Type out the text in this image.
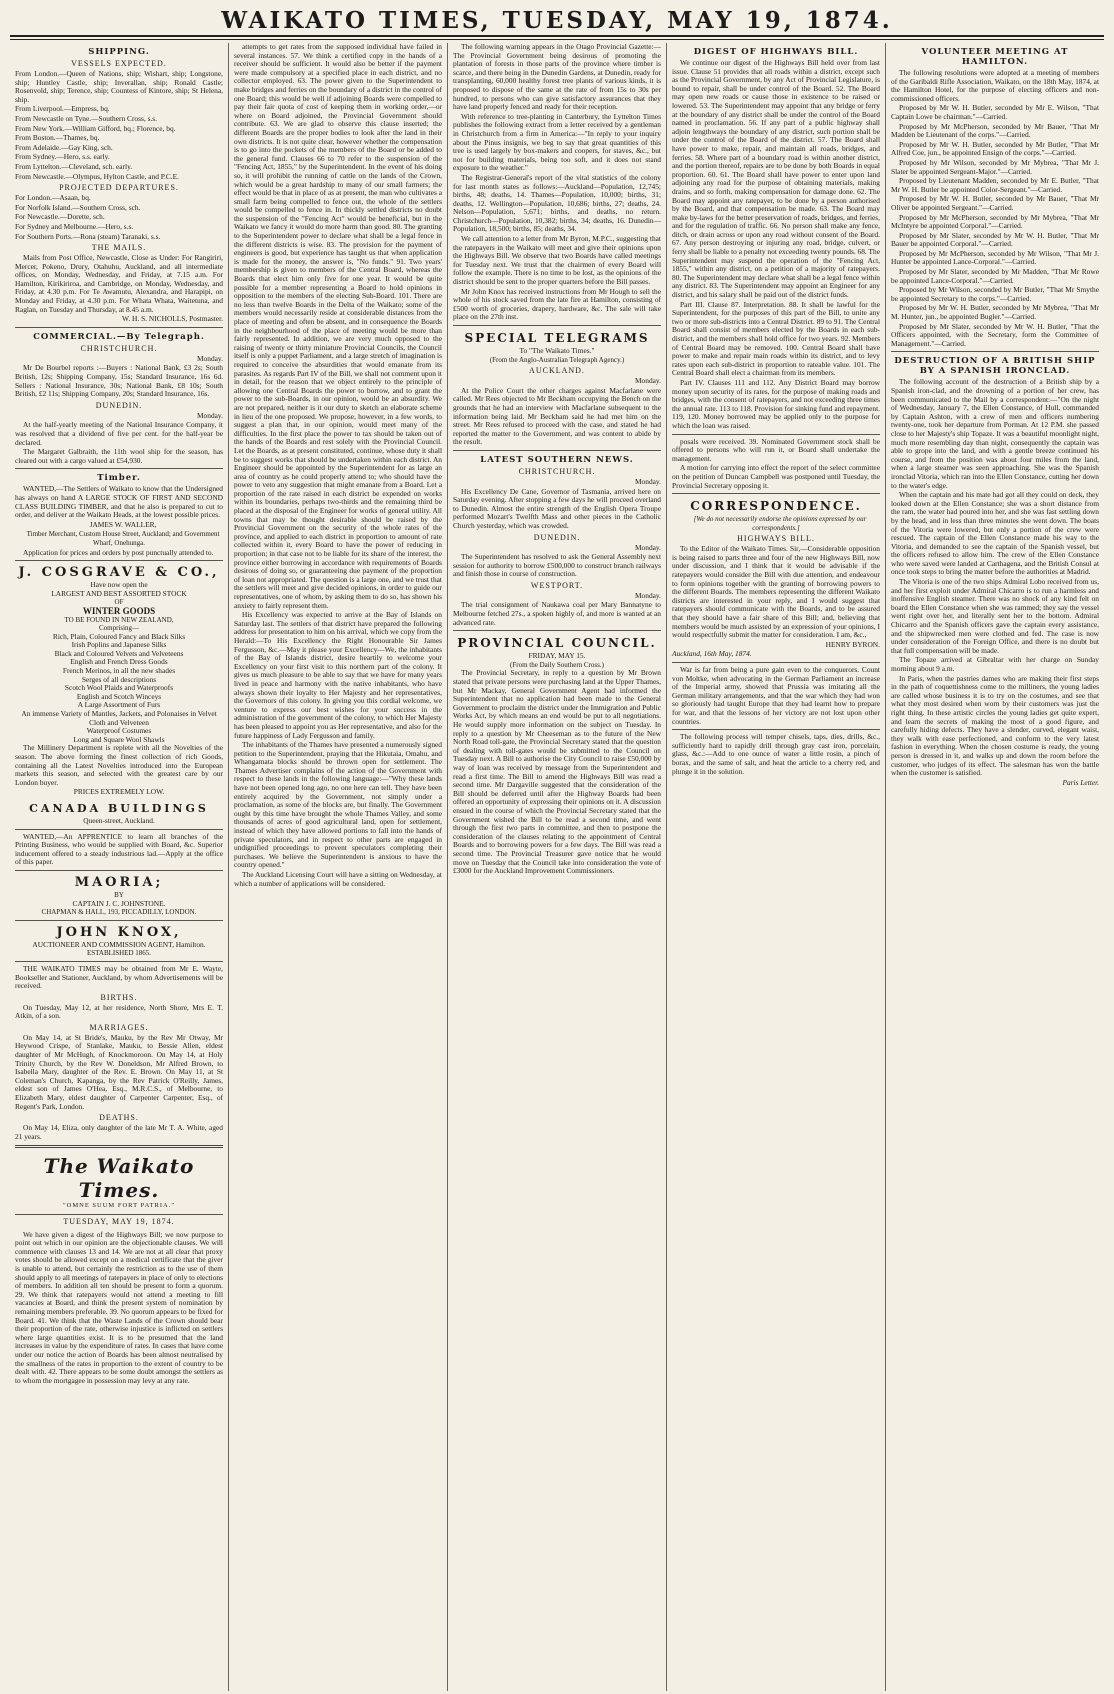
WAIKATO TIMES, TUESDAY, MAY 19, 1874.
SHIPPING.
VESSELS EXPECTED.

From London.—Queen of Nations, ship; Wishart, ship; Longstone, ship; Huntley Castle, ship; Inverallan, ship; Ronald Castle; Rosenvold, ship; Terence, ship; Countess of Kintore, ship; St Helena, ship.

From Liverpool.—Empress, bq.

From Newcastle on Tyne.—Southern Cross, s.s.

From New York.—William Gifford, bq.; Florence, bq.

From Boston.—Thames, bq.

From Adelaide.—Gay King, sch.

From Sydney.—Hero, s.s. early.

From Lyttelton.—Cleveland, sch. early.

From Newcastle.—Olympus, Hylton Castle, and P.C.E.

PROJECTED DEPARTURES.

For London.—Asaan, bq.

For Norfolk Island.—Southern Cross, sch.

For Newcastle.—Dorette, sch.

For Sydney and Melbourne.—Hero, s.s.

For Southern Ports.—Rona (steam) Taranaki, s.s.

THE MAILS.

Mails from Post Office, Newcastle, Close as Under: For Rangiriri, Mercer, Pokeno, Drury, Otahuhu, Auckland, and all intermediate offices, on Monday, Wednesday, and Friday, at 7.15 a.m. For Hamilton, Kirikiriroa, and Cambridge, on Monday, Wednesday, and Friday, at 4.30 p.m. For Te Awamutu, Alexandra, and Harapipi, on Monday and Friday, at 4.30 p.m. For Whata Whata, Waitetuna, and Raglan, on Tuesday and Thursday, at 8.45 a.m.

W. H. S. NICHOLLS, Postmaster.

COMMERCIAL.—By Telegraph.
CHRISTCHURCH.

Monday.

Mr De Bourbel reports :—Buyers : National Bank, £3 2s; South British, 12s; Shipping Company, 15s; Standard Insurance, 16s 6d. Sellers : National Insurance, 30s; National Bank, £8 10s; South British, £2 11s; Shipping Company, 20s; Standard Insurance, 16s.

DUNEDIN.

Monday.

At the half-yearly meeting of the National Insurance Company, it was resolved that a dividend of five per cent. for the half-year be declared.

The Margaret Galbraith, the 11th wool ship for the season, has cleared out with a cargo valued at £54,930.

Timber.

WANTED,—The Settlers of Waikato to know that the Undersigned has always on hand A LARGE STOCK OF FIRST AND SECOND CLASS BUILDING TIMBER, and that he also is prepared to cut to order, and deliver at the Waikato Heads, at the lowest possible prices.

JAMES W. WALLER,

Timber Merchant, Custom House Street, Auckland; and Government Wharf, Onehunga.

Application for prices and orders by post punctually attended to.

J. COSGRAVE & CO.,
Have now open the
LARGEST AND BEST ASSORTED STOCK
OF
WINTER GOODS
TO BE FOUND IN NEW ZEALAND,
Comprising—
Rich, Plain, Coloured Fancy and Black Silks
Irish Poplins and Japanese Silks
Black and Coloured Velvets and Velveteens
English and French Dress Goods
French Merinos, in all the new shades
Serges of all descriptions
Scotch Wool Plaids and Waterproofs
English and Scotch Winceys
A Large Assortment of Furs
An immense Variety of Mantles, Jackets, and Polonaises in Velvet Cloth and Velveteen
Waterproof Costumes
Long and Square Wool Shawls

The Millinery Department is replete with all the Novelties of the season. The above forming the finest collection of rich Goods, containing all the Latest Novelties introduced into the European markets this season, and selected with the greatest care by our London buyer.

PRICES EXTREMELY LOW.
CANADA BUILDINGS
Queen-street, Auckland.

WANTED,—An APPRENTICE to learn all branches of the Printing Business, who would be supplied with Board, &c. Superior inducement offered to a steady industrious lad.—Apply at the office of this paper.

MAORIA;
BY
CAPTAIN J. C. JOHNSTONE.
CHAPMAN & HALL, 193, PICCADILLY, LONDON.
JOHN KNOX,
AUCTIONEER AND COMMISSION AGENT, Hamilton.
ESTABLISHED 1865.

THE WAIKATO TIMES may be obtained from Mr E. Wayte, Bookseller and Stationer, Auckland, by whom Advertisements will be received.

BIRTHS.

On Tuesday, May 12, at her residence, North Shore, Mrs E. T. Atkin, of a son.

MARRIAGES.

On May 14, at St Bride's, Mauku, by the Rev Mr Otway, Mr Heywood Crispe, of Stanlake, Mauku, to Bessie Allen, eldest daughter of Mr McHugh, of Knockmoroon. On May 14, at Holy Trinity Church, by the Rev W. Doneldson, Mr Alfred Brown, to Isabella Mary, daughter of the Rev. E. Brown. On May 11, at St Coleman's Church, Kapanga, by the Rev Patrick O'Reilly, James, eldest son of James O'Hea, Esq., M.R.C.S., of Melbourne, to Elizabeth Mary, eldest daughter of Carpenter Carpenter, Esq., of Regent's Park, London.

DEATHS.

On May 14, Eliza, only daughter of the late Mr T. A. White, aged 21 years.

The Waikato Times.
"OMNE SUUM FORT PATRIA."
TUESDAY, MAY 19, 1874.

We have given a digest of the Highways Bill; we now purpose to point out which in our opinion are the objectionable clauses. We will commence with clauses 13 and 14. We are not at all clear that proxy votes should be allowed except on a medical certificate that the giver is unable to attend, but certainly the restriction as to the use of them should apply to all meetings of ratepayers in place of only to elections of members. In addition all ten should be present to form a quorum. 29. We think that ratepayers would not attend a meeting to fill vacancies at Board, and think the present system of nomination by remaining members preferable. 39. No quorum appears to be fixed for Board. 41. We think that the Waste Lands of the Crown should bear their proportion of the rate, otherwise injustice is inflicted on settlers where large quantities exist. It is to be presumed that the land increases in value by the expenditure of rates. In cases that have come under our notice the action of Boards has been almost neutralised by the smallness of the rates in proportion to the extent of country to be dealt with. 42. There appears to be some doubt amongst the settlers as to whom the mortgagee in possession may levy at any rate.

attempts to get rates from the supposed individual have failed in several instances. 57. We think a certified copy in the hands of a receiver should be sufficient. It would also be better if the payment were made compulsory at a specified place in each district, and no collector employed. 63. The power given to the Superintendent to make bridges and ferries on the boundary of a district in the control of one Board; this would be well if adjoining Boards were compelled to pay their fair quota of cost of keeping them in working order,—or where on Board adjoined, the Provincial Government should contribute. 63. We are glad to observe this clause inserted; the different Boards are the proper bodies to look after the land in their own districts. It is not quite clear, however whether the compensation is to go into the pockets of the members of the Board or be added to the general fund. Clauses 66 to 70 refer to the suspension of the "Fencing Act, 1855," by the Superintendent. In the event of his doing so, it will prohibit the running of cattle on the lands of the Crown, which would be a great hardship to many of our small farmers; the effect would be that in place of as at present, the man who cultivates a small farm being compelled to fence out, the whole of the settlers would be compelled to fence in. In thickly settled districts no doubt the suspension of the "Fencing Act" would be beneficial, but in the Waikato we fancy it would do more harm than good. 80. The granting to the Superintendent power to declare what shall be a legal fence in the different districts is wise. 83. The provision for the payment of engineers is good, but experience has taught us that when application is made for the money, the answer is, "No funds." 91. Two years' membership is given to members of the Central Board, whereas the Boards that elect him only five for one year. It would be quite possible for a member representing a Board to hold opinions in opposition to the members of the electing Sub-Board. 101. There are no less than twelve Boards in the Delta of the Waikato; some of the members would necessarily reside at considerable distances from the place of meeting and often be absent, and in consequence the Boards in the neighbourhood of the place of meeting would be more than fairly represented. In addition, we are very much opposed to the raising of twenty or thirty miniature Provincial Councils, the Council itself is only a puppet Parliament, and a large stretch of imagination is required to conceive the absurdities that would emanate from its parasites. As regards Part IV of the Bill, we shall not comment upon it in detail, for the reason that we object entirely to the principle of allowing one Central Boards the power to borrow, and to grant the power to the sub-Boards, in our opinion, would be an absurdity. We are not prepared, neither is it our duty to sketch an elaborate scheme in lieu of the one proposed. We propose, however, in a few words, to suggest a plan that, in our opinion, would meet many of the difficulties. In the first place the power to tax should be taken out of the hands of the Boards and rest solely with the Provincial Council. Let the Boards, as at present constituted, continue, whose duty it shall be to suggest works that should be undertaken within each district. An Engineer should be appointed by the Superintendent for as large an area of country as he could properly attend to; who should have the power to veto any suggestion that might emanate from a Board. Let a proportion of the rate raised in each district be expended on works within its boundaries, perhaps two-thirds and the remaining third be placed at the disposal of the Engineer for works of general utility. All towns that may be thought desirable should be raised by the Provincial Government on the security of the whole rates of the province, and applied to each district in proportion to amount of rate collected within it, every Board to have the power of reducing in proportion; in that case not to be liable for its share of the interest, the province either borrowing in accordance with requirements of Boards desirous of doing so, or guaranteeing due payment of the proportion of loan not appropriated. The question is a large one, and we trust that the settlers will meet and give decided opinions, in order to guide our representatives, one of whom, by asking them to do so, has shown his anxiety to fairly represent them.

His Excellency was expected to arrive at the Bay of Islands on Saturday last. The settlers of that district have prepared the following address for presentation to him on his arrival, which we copy from the Herald:—To His Excellency the Right Honourable Sir James Fergusson, &c.—May it please your Excellency—We, the inhabitants of the Bay of Islands district, desire heartily to welcome your Excellency on your first visit to this northern part of the colony. It gives us much pleasure to be able to say that we have for many years lived in peace and harmony with the native inhabitants, who have always shown their loyalty to Her Majesty and her representatives, the Governors of this colony. In giving you this cordial welcome, we venture to express our best wishes for your success in the administration of the government of the colony, to which Her Majesty has been pleased to appoint you as Her representative, and also for the future happiness of Lady Fergusson and family.

The inhabitants of the Thames have presented a numerously signed petition to the Superintendent, praying that the Hikutaia, Omahu, and Whangamata blocks should be thrown open for settlement. The Thames Advertiser complains of the action of the Government with respect to these lands in the following language:—"Why these lands have not been opened long ago, no one here can tell. They have been entirely acquired by the Government, not simply under a proclamation, as some of the blocks are, but finally. The Government ought by this time have brought the whole Thames Valley, and some thousands of acres of good agricultural land, open for settlement, instead of which they have allowed portions to fall into the hands of private speculators, and in respect to other parts are engaged in undignified proceedings to prevent speculators completing their purchases. We believe the Superintendent is anxious to have the country opened."

The Auckland Licensing Court will have a sitting on Wednesday, at which a number of applications will be considered.

The following warning appears in the Otago Provincial Gazette:—The Provincial Government being desirous of promoting the plantation of forests in those parts of the province where timber is scarce, and there being in the Dunedin Gardens, at Dunedin, ready for transplanting, 60,000 healthy forest tree plants of various kinds, it is proposed to dispose of the same at the rate of from 15s to 30s per hundred, to persons who can give satisfactory assurances that they have land properly fenced and ready for their reception.

With reference to tree-planting in Canterbury, the Lyttelton Times publishes the following extract from a letter received by a gentleman in Christchurch from a firm in America:—"In reply to your inquiry about the Pinus insignis, we beg to say that great quantities of this tree is used largely by box-makers and coopers, for staves, &c., but not for building materials, being too soft, and it does not stand exposure to the weather."

The Registrar-General's report of the vital statistics of the colony for last month states as follows:—Auckland—Population, 12,745; births, 48; deaths, 14. Thames—Population, 10,000; births, 31; deaths, 12. Wellington—Population, 10,686; births, 27; deaths, 24. Nelson—Population, 5,671; births, and deaths, no return. Christchurch—Population, 10,382; births, 34; deaths, 16. Dunedin—Population, 18,500; births, 85; deaths, 34.

We call attention to a letter from Mr Byron, M.P.C., suggesting that the ratepayers in the Waikato will meet and give their opinions upon the Highways Bill. We observe that two Boards have called meetings for Tuesday next. We trust that the chairmen of every Board will follow the example. There is no time to be lost, as the opinions of the district should be sent to the proper quarters before the Bill passes.

Mr John Knox has received instructions from Mr Hough to sell the whole of his stock saved from the late fire at Hamilton, consisting of £500 worth of groceries, drapery, hardware, &c. The sale will take place on the 27th inst.

SPECIAL TELEGRAMS
To "The Waikato Times."
(From the Anglo-Australian Telegraph Agency.)
AUCKLAND.

Monday.

At the Police Court the other charges against Macfarlane were called. Mr Rees objected to Mr Beckham occupying the Bench on the grounds that he had an interview with Macfarlane subsequent to the information being laid. Mr Beckham said he had met him on the street. Mr Rees refused to proceed with the case, and stated he had reported the matter to the Government, and was content to abide by the result.

LATEST SOUTHERN NEWS.
CHRISTCHURCH.

Monday.

His Excellency De Cane, Governor of Tasmania, arrived here on Saturday evening. After stopping a few days he will proceed overland to Dunedin. Almost the entire strength of the English Opera Troupe performed Mozart's Twelfth Mass and other pieces in the Catholic Church yesterday, which was crowded.

DUNEDIN.

Monday.

The Superintendent has resolved to ask the General Assembly next session for authority to borrow £500,000 to construct branch railways and finish those in course of construction.

WESTPORT.

Monday.

The trial consignment of Naukawa coal per Mary Bannatyne to Melbourne fetched 27s., a spoken highly of, and more is wanted at an advanced rate.

PROVINCIAL COUNCIL.
FRIDAY, MAY 15.
(From the Daily Southern Cross.)

The Provincial Secretary, in reply to a question by Mr Brown stated that private persons were purchasing land at the Upper Thames, but Mr Mackay, General Government Agent had informed the Superintendent that no application had been made to the General Government to proclaim the district under the Immigration and Public Works Act, by which means an end would be put to all negotiations. He would supply more information on the subject on Tuesday. In reply to a question by Mr Cheeseman as to the future of the New North Road toll-gate, the Provincial Secretary stated that the question of dealing with toll-gates would be submitted to the Council on Tuesday next. A Bill to authorise the City Council to raise £50,000 by way of loan was received by message from the Superintendent and read a first time. The Bill to amend the Highways Bill was read a second time. Mr Dargaville suggested that the consideration of the Bill should be deferred until after the Highway Boards had been offered an opportunity of expressing their opinions on it. A discussion ensued in the course of which the Provincial Secretary stated that the Government wished the Bill to be read a second time, and went through the first two parts in committee, and then to postpone the consideration of the clauses relating to the appointment of Central Boards and to borrowing powers for a few days. The Bill was read a second time. The Provincial Treasurer gave notice that he would move on Tuesday that the Council take into consideration the vote of £3000 for the Auckland Improvement Commissioners.

DIGEST OF HIGHWAYS BILL.

We continue our digest of the Highways Bill held over from last issue. Clause 51 provides that all roads within a district, except such as the Provincial Government, by any Act of Provincial Legislature, is bound to repair, shall be under control of the Board. 52. The Board may open new roads or cause those in existence to be raised or lowered. 53. The Superintendent may appoint that any bridge or ferry at the boundary of any district shall be under the control of the Board named in proclamation. 56. If any part of a public highway shall adjoin lengthways the boundary of any district, such portion shall be under the control of the Board of the district. 57. The Board shall have power to make, repair, and maintain all roads, bridges, and ferries. 58. Where part of a boundary road is within another district, and the portion thereof, repairs are to be done by both Boards in equal proportion. 60. 61. The Board shall have power to enter upon land adjoining any road for the purpose of obtaining materials, making drains, and so forth, making compensation for damage done. 62. The Board may appoint any ratepayer, to be done by a person authorised by the Board, and that compensation be made. 63. The Board may make by-laws for the better preservation of roads, bridges, and ferries, and for the regulation of traffic. 66. No person shall make any fence, ditch, or drain across or upon any road without consent of the Board. 67. Any person destroying or injuring any road, bridge, culvert, or ferry shall be liable to a penalty not exceeding twenty pounds. 68. The Superintendent may suspend the operation of the "Fencing Act, 1855," within any district, on a petition of a majority of ratepayers. 80. The Superintendent may declare what shall be a legal fence within any district. 83. The Superintendent may appoint an Engineer for any district, and his salary shall be paid out of the district funds.

Part III. Clause 87. Interpretation. 88. It shall be lawful for the Superintendent, for the purposes of this part of the Bill, to unite any two or more sub-districts into a Central District. 89 to 91. The Central Board shall consist of members elected by the Boards in each sub-district, and the members shall hold office for two years. 92. Members of Central Board may be removed. 100. Central Board shall have power to make and repair main roads within its district, and to levy rates upon each sub-district in proportion to rateable value. 101. The Central Board shall elect a chairman from its members.

Part IV. Clauses 111 and 112. Any District Board may borrow money upon security of its rates, for the purpose of making roads and bridges, with the consent of ratepayers, and not exceeding three times the annual rate. 113 to 118. Provision for sinking fund and repayment. 119, 120. Money borrowed may be applied only to the purpose for which the loan was raised.

posals were received. 39. Nominated Government stock shall be offered to persons who will run it, or Board shall undertake the management.

A motion for carrying into effect the report of the select committee on the petition of Duncan Campbell was postponed until Tuesday, the Provincial Secretary opposing it.

CORRESPONDENCE.

[We do not necessarily endorse the opinions expressed by our correspondents.]

HIGHWAYS BILL.

To the Editor of the Waikato Times. Sir,—Considerable opposition is being raised to parts three and four of the new Highways Bill, now under discussion, and I think that it would be advisable if the ratepayers would consider the Bill with due attention, and endeavour to form opinions together with the granting of borrowing powers to the different Boards. The members representing the different Waikato districts are interested in your reply, and I would suggest that ratepayers should communicate with the Boards, and to be assured that they should have a fair share of this Bill; and, believing that members would be much assisted by an expression of your opinions, I would respectfully submit the matter for consideration. I am, &c.,

HENRY BYRON.

Auckland, 16th May, 1874.

War is far from being a pure gain even to the conquerors. Count von Moltke, when advocating in the German Parliament an increase of the Imperial army, showed that Prussia was imitating all the German military arrangements, and that the war which they had won so gloriously had taught Europe that they had learnt how to prepare for war, and that the lessons of her victory are not lost upon other countries.

The following process will temper chisels, taps, dies, drills, &c., sufficiently hard to rapidly drill through gray cast iron, porcelain, glass, &c.:—Add to one ounce of water a little rosin, a pinch of borax, and the same of salt, and heat the article to a cherry red, and plunge it in the solution.

VOLUNTEER MEETING AT HAMILTON.

The following resolutions were adopted at a meeting of members of the Garibaldi Rifle Association, Waikato, on the 18th May, 1874, at the Hamilton Hotel, for the purpose of electing officers and non-commissioned officers.

Proposed by Mr W. H. Butler, seconded by Mr E. Wilson, "That Captain Lowe be chairman."—Carried.

Proposed by Mr McPherson, seconded by Mr Bauer, "That Mr Madden be Lieutenant of the corps."—Carried.

Proposed by Mr W. H. Butler, seconded by Mr Butler, "That Mr Alfred Coe, jun., be appointed Ensign of the corps."—Carried.

Proposed by Mr Wilson, seconded by Mr Mybrea, "That Mr J. Slater be appointed Sergeant-Major."—Carried.

Proposed by Lieutenant Madden, seconded by Mr E. Butler, "That Mr W. H. Butler be appointed Color-Sergeant."—Carried.

Proposed by Mr W. H. Butler, seconded by Mr Bauer, "That Mr Oliver be appointed Sergeant."—Carried.

Proposed by Mr McPherson, seconded by Mr Mybrea, "That Mr McIntyre be appointed Corporal."—Carried.

Proposed by Mr Slater, seconded by Mr W. H. Butler, "That Mr Bauer be appointed Corporal."—Carried.

Proposed by Mr McPherson, seconded by Mr Wilson, "That Mr J. Hunter be appointed Lance-Corporal."—Carried.

Proposed by Mr Slater, seconded by Mr Madden, "That Mr Rowe be appointed Lance-Corporal."—Carried.

Proposed by Mr Wilson, seconded by Mr Butler, "That Mr Smythe be appointed Secretary to the corps."—Carried.

Proposed by Mr W. H. Butler, seconded by Mr Mybrea, "That Mr M. Hunter, jun., be appointed Bugler."—Carried.

Proposed by Mr Slater, seconded by Mr W. H. Butler, "That the Officers appointed, with the Secretary, form the Committee of Management."—Carried.

DESTRUCTION OF A BRITISH SHIP BY A SPANISH IRONCLAD.

The following account of the destruction of a British ship by a Spanish iron-clad, and the drowning of a portion of her crew, has been communicated to the Mail by a correspondent:—"On the night of Wednesday, January 7, the Ellen Constance, of Hull, commanded by Captain Ashton, with a crew of men and officers numbering twenty-one, took her departure from Porman. At 12 P.M. she passed close to her Majesty's ship Topaze. It was a beautiful moonlight night, much more resembling day than night, consequently the captain was able to grope into the land, and with a gentle breeze continued his course, and from the position was about four miles from the land, when a large steamer was seen approaching. She was the Spanish ironclad Vitoria, which ran into the Ellen Constance, cutting her down to the water's edge.

When the captain and his mate had got all they could on deck, they looked down at the Ellen Constance; she was a short distance from the ram, the water had poured into her, and she was fast settling down by the head, and in less than three minutes she went down. The boats of the Vitoria were lowered, but only a portion of the crew were rescued. The captain of the Ellen Constance made his way to the Vitoria, and demanded to see the captain of the Spanish vessel, but the officers refused to allow him. The crew of the Ellen Constance who were saved were landed at Carthagena, and the British Consul at once took steps to bring the matter before the authorities at Madrid.

The Vitoria is one of the two ships Admiral Lobo received from us, and her first exploit under Admiral Chicarro is to run a harmless and inoffensive English steamer. There was no shock of any kind felt on board the Ellen Constance when she was rammed; they say the vessel went right over her, and literally sent her to the bottom. Admiral Chicarro and the Spanish officers gave the captain every assistance, and the shipwrecked men were clothed and fed. The case is now under consideration of the Foreign Office, and there is no doubt but that full compensation will be made.

The Topaze arrived at Gibraltar with her charge on Sunday morning about 9 a.m.

In Paris, when the pastries dames who are making their first steps in the path of coquettishness come to the milliners, the young ladies are called whose business it is to try on the costumes, and see that what they most desired when worn by their customers was just the right thing. In these artistic circles the young ladies get quite expert, and learn the secrets of making the most of a good figure, and carefully hiding defects. They have a slender, curved, elegant waist, they walk with ease perfectioned, and conform to the very latest fashion in everything. When the chosen costume is ready, the young person is dressed in it, and walks up and down the room before the customer, who judges of its effect. The salesman has won the battle when the customer is satisfied.

Paris Letter.
